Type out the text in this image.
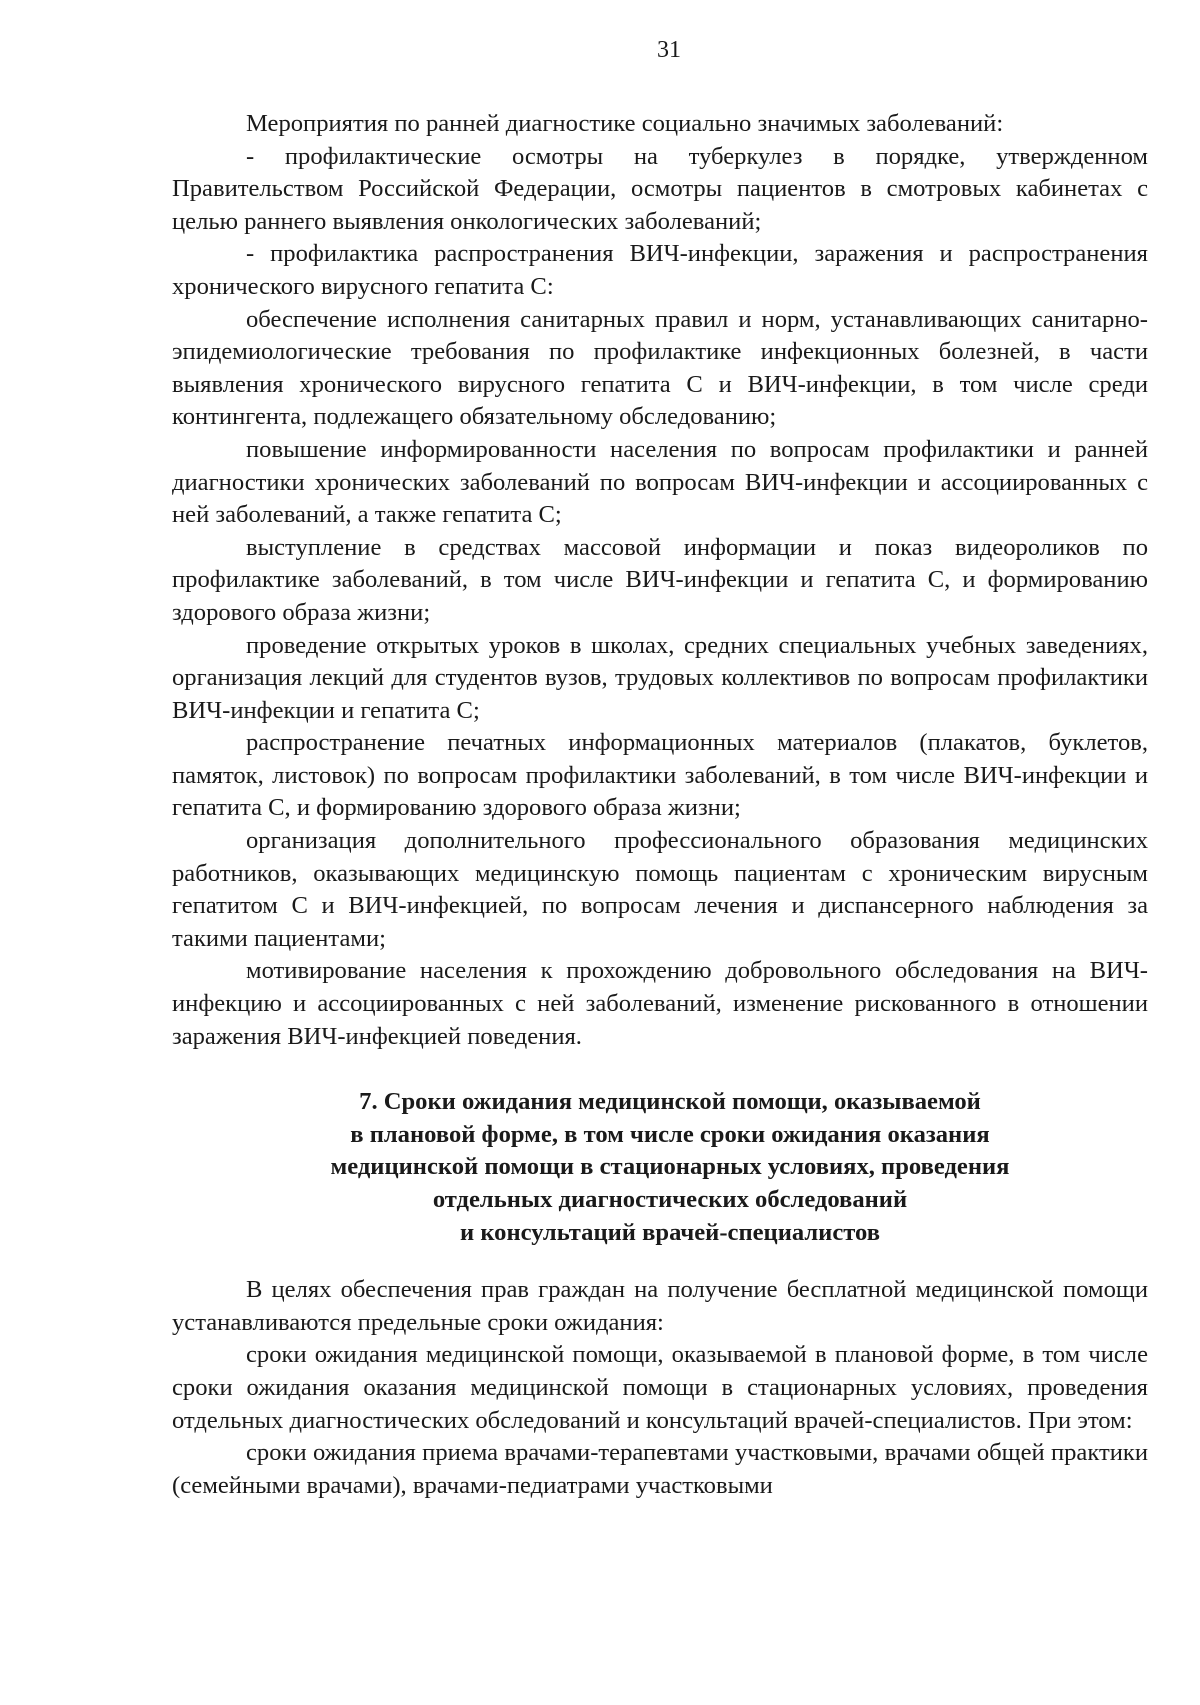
31

Мероприятия по ранней диагностике социально значимых заболеваний:

- профилактические осмотры на туберкулез в порядке, утвержденном Правительством Российской Федерации, осмотры пациентов в смотровых кабинетах с целью раннего выявления онкологических заболеваний;

- профилактика распространения ВИЧ-инфекции, заражения и распространения хронического вирусного гепатита С:

обеспечение исполнения санитарных правил и норм, устанавливающих санитарно-эпидемиологические требования по профилактике инфекционных болезней, в части выявления хронического вирусного гепатита С и ВИЧ-инфекции, в том числе среди контингента, подлежащего обязательному обследованию;

повышение информированности населения по вопросам профилактики и ранней диагностики хронических заболеваний по вопросам ВИЧ-инфекции и ассоциированных с ней заболеваний, а также гепатита С;

выступление в средствах массовой информации и показ видеороликов по профилактике заболеваний, в том числе ВИЧ-инфекции и гепатита С, и формированию здорового образа жизни;

проведение открытых уроков в школах, средних специальных учебных заведениях, организация лекций для студентов вузов, трудовых коллективов по вопросам профилактики ВИЧ-инфекции и гепатита С;

распространение печатных информационных материалов (плакатов, буклетов, памяток, листовок) по вопросам профилактики заболеваний, в том числе ВИЧ-инфекции и гепатита С, и формированию здорового образа жизни;

организация дополнительного профессионального образования медицинских работников, оказывающих медицинскую помощь пациентам с хроническим вирусным гепатитом С и ВИЧ-инфекцией, по вопросам лечения и диспансерного наблюдения за такими пациентами;

мотивирование населения к прохождению добровольного обследования на ВИЧ-инфекцию и ассоциированных с ней заболеваний, изменение рискованного в отношении заражения ВИЧ-инфекцией поведения.

7. Сроки ожидания медицинской помощи, оказываемой
в плановой форме, в том числе сроки ожидания оказания
медицинской помощи в стационарных условиях, проведения
отдельных диагностических обследований
и консультаций врачей-специалистов

В целях обеспечения прав граждан на получение бесплатной медицинской помощи устанавливаются предельные сроки ожидания:

сроки ожидания медицинской помощи, оказываемой в плановой форме, в том числе сроки ожидания оказания медицинской помощи в стационарных условиях, проведения отдельных диагностических обследований и консультаций врачей-специалистов. При этом:

сроки ожидания приема врачами-терапевтами участковыми, врачами общей практики (семейными врачами), врачами-педиатрами участковыми
